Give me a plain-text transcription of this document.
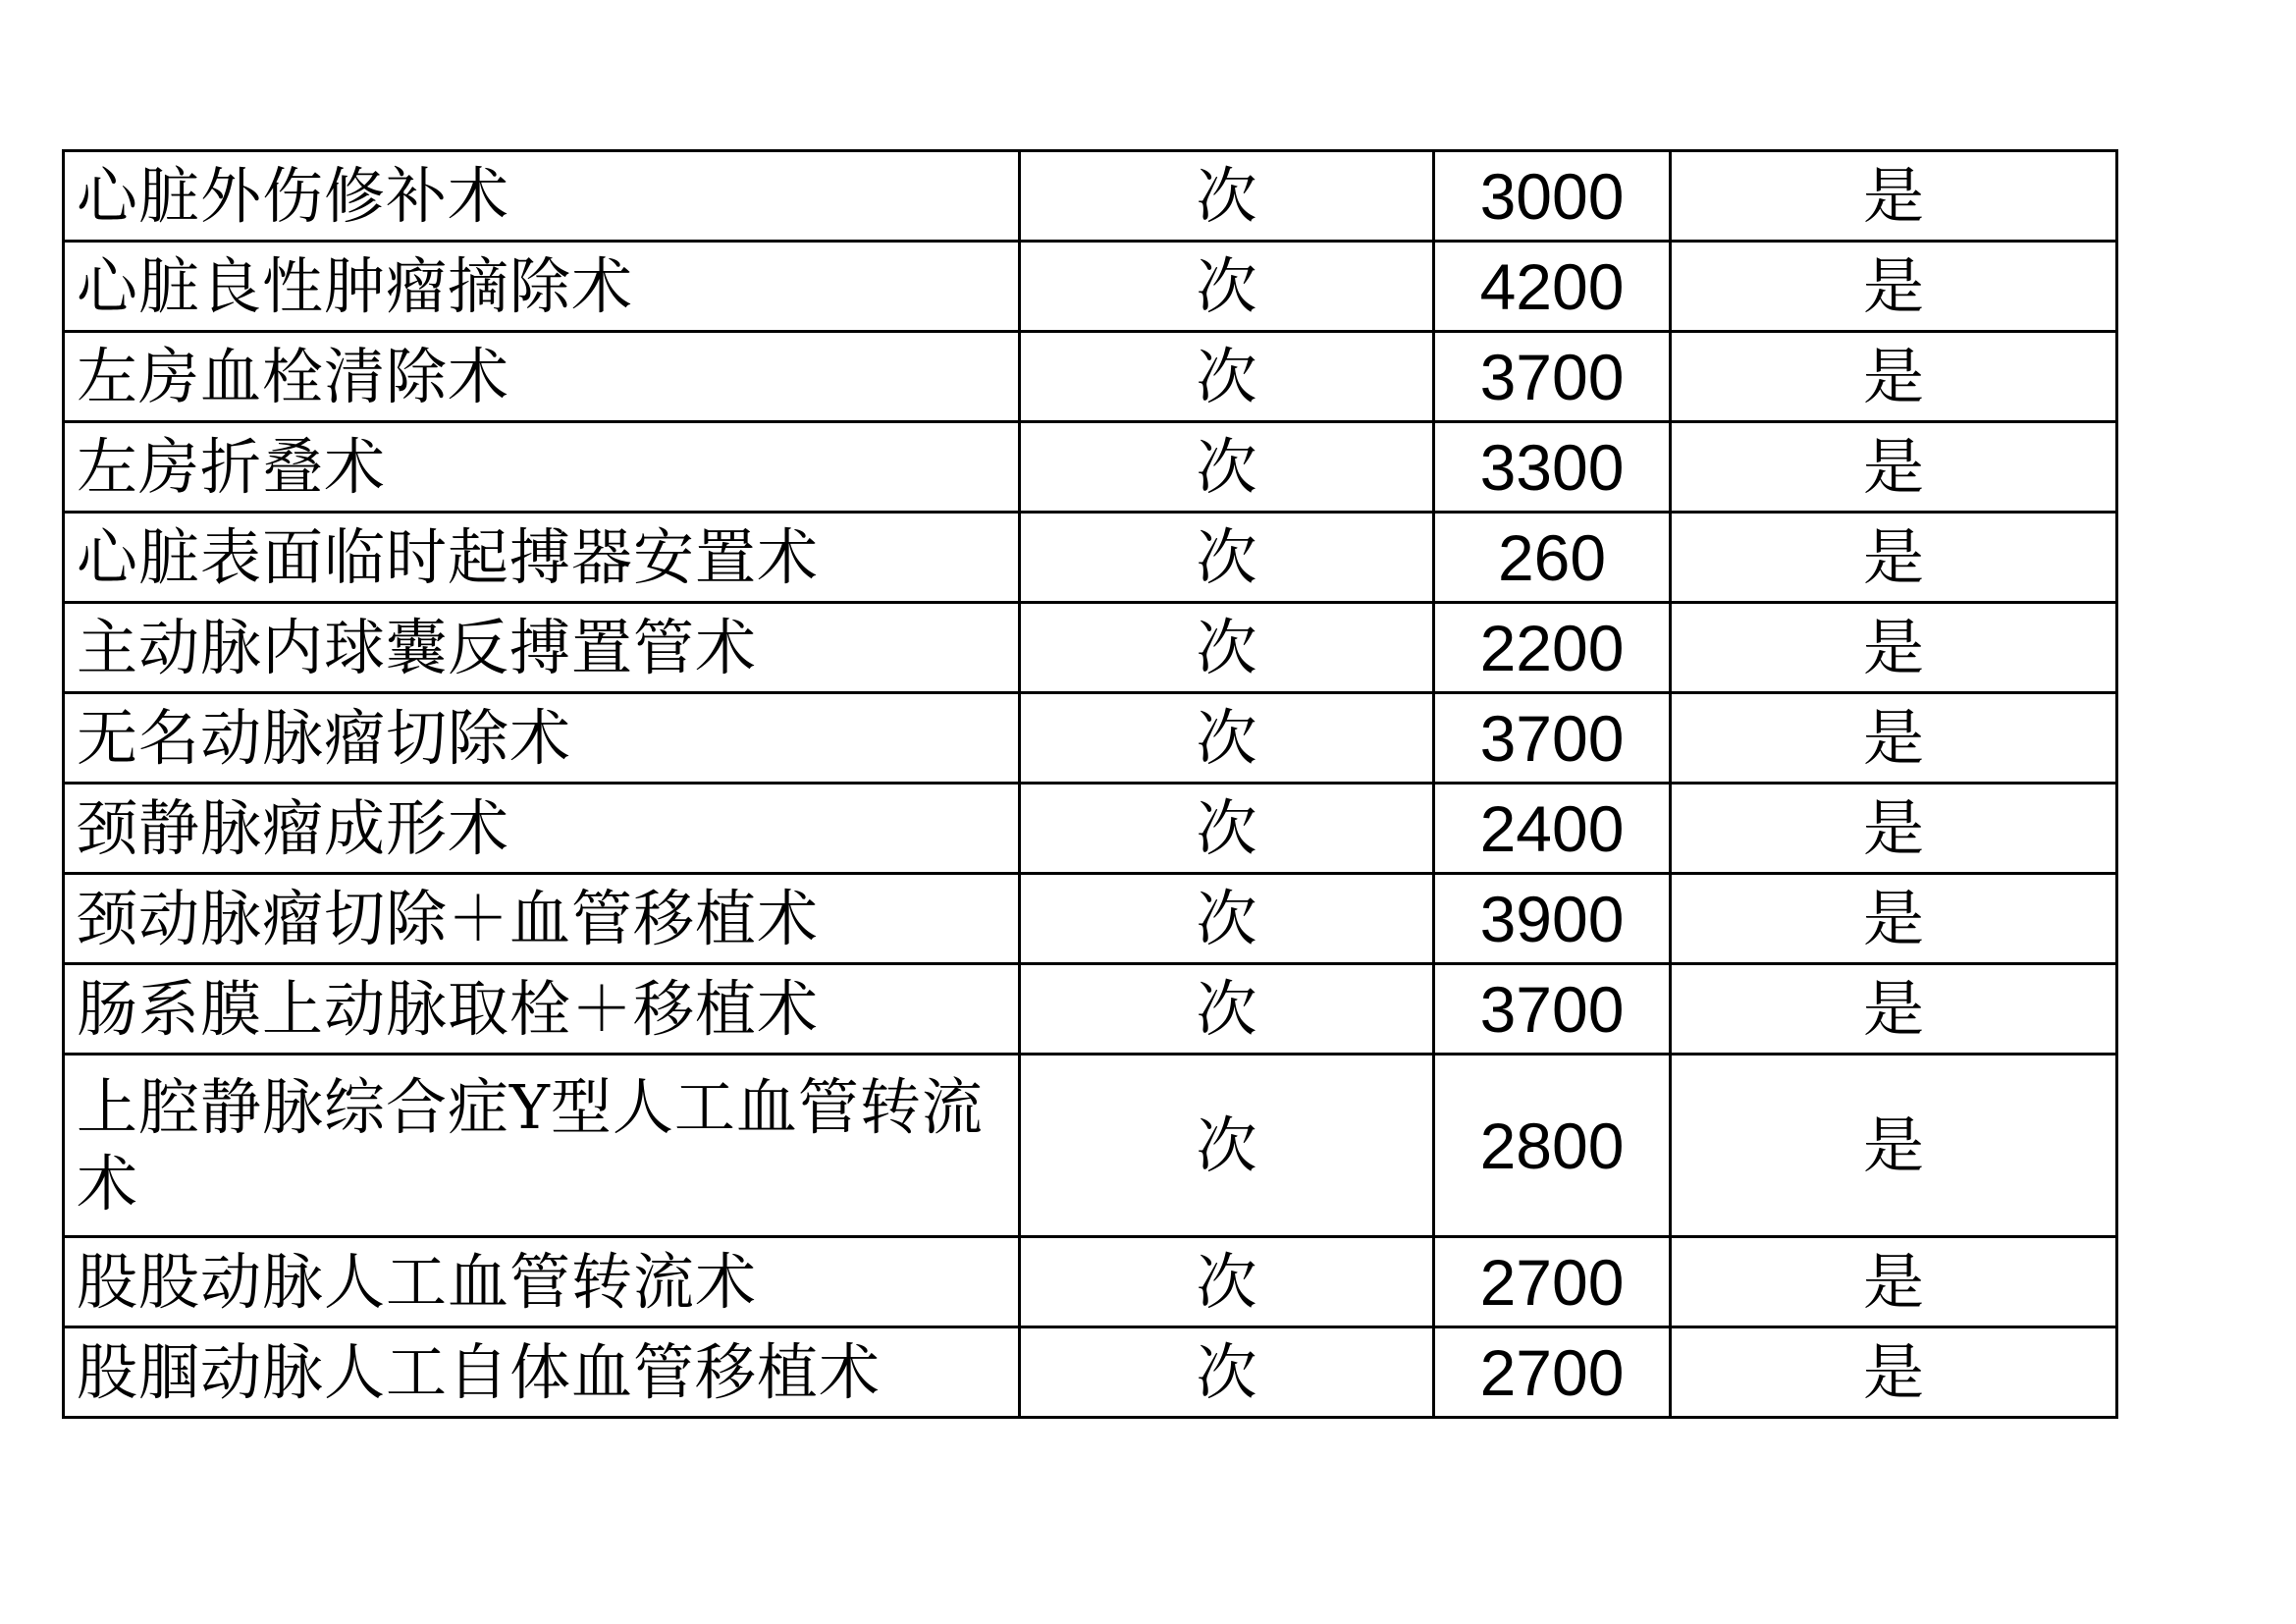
心脏外伤修补术	次	3000	是
心脏良性肿瘤摘除术	次	4200	是
左房血栓清除术	次	3700	是
左房折叠术	次	3300	是
心脏表面临时起搏器安置术	次	260	是
主动脉内球囊反搏置管术	次	2200	是
无名动脉瘤切除术	次	3700	是
颈静脉瘤成形术	次	2400	是
颈动脉瘤切除＋血管移植术	次	3900	是
肠系膜上动脉取栓＋移植术	次	3700	是
上腔静脉综合症Y型人工血管转流术	次	2800	是
股股动脉人工血管转流术	次	2700	是
股腘动脉人工自体血管移植术	次	2700	是
